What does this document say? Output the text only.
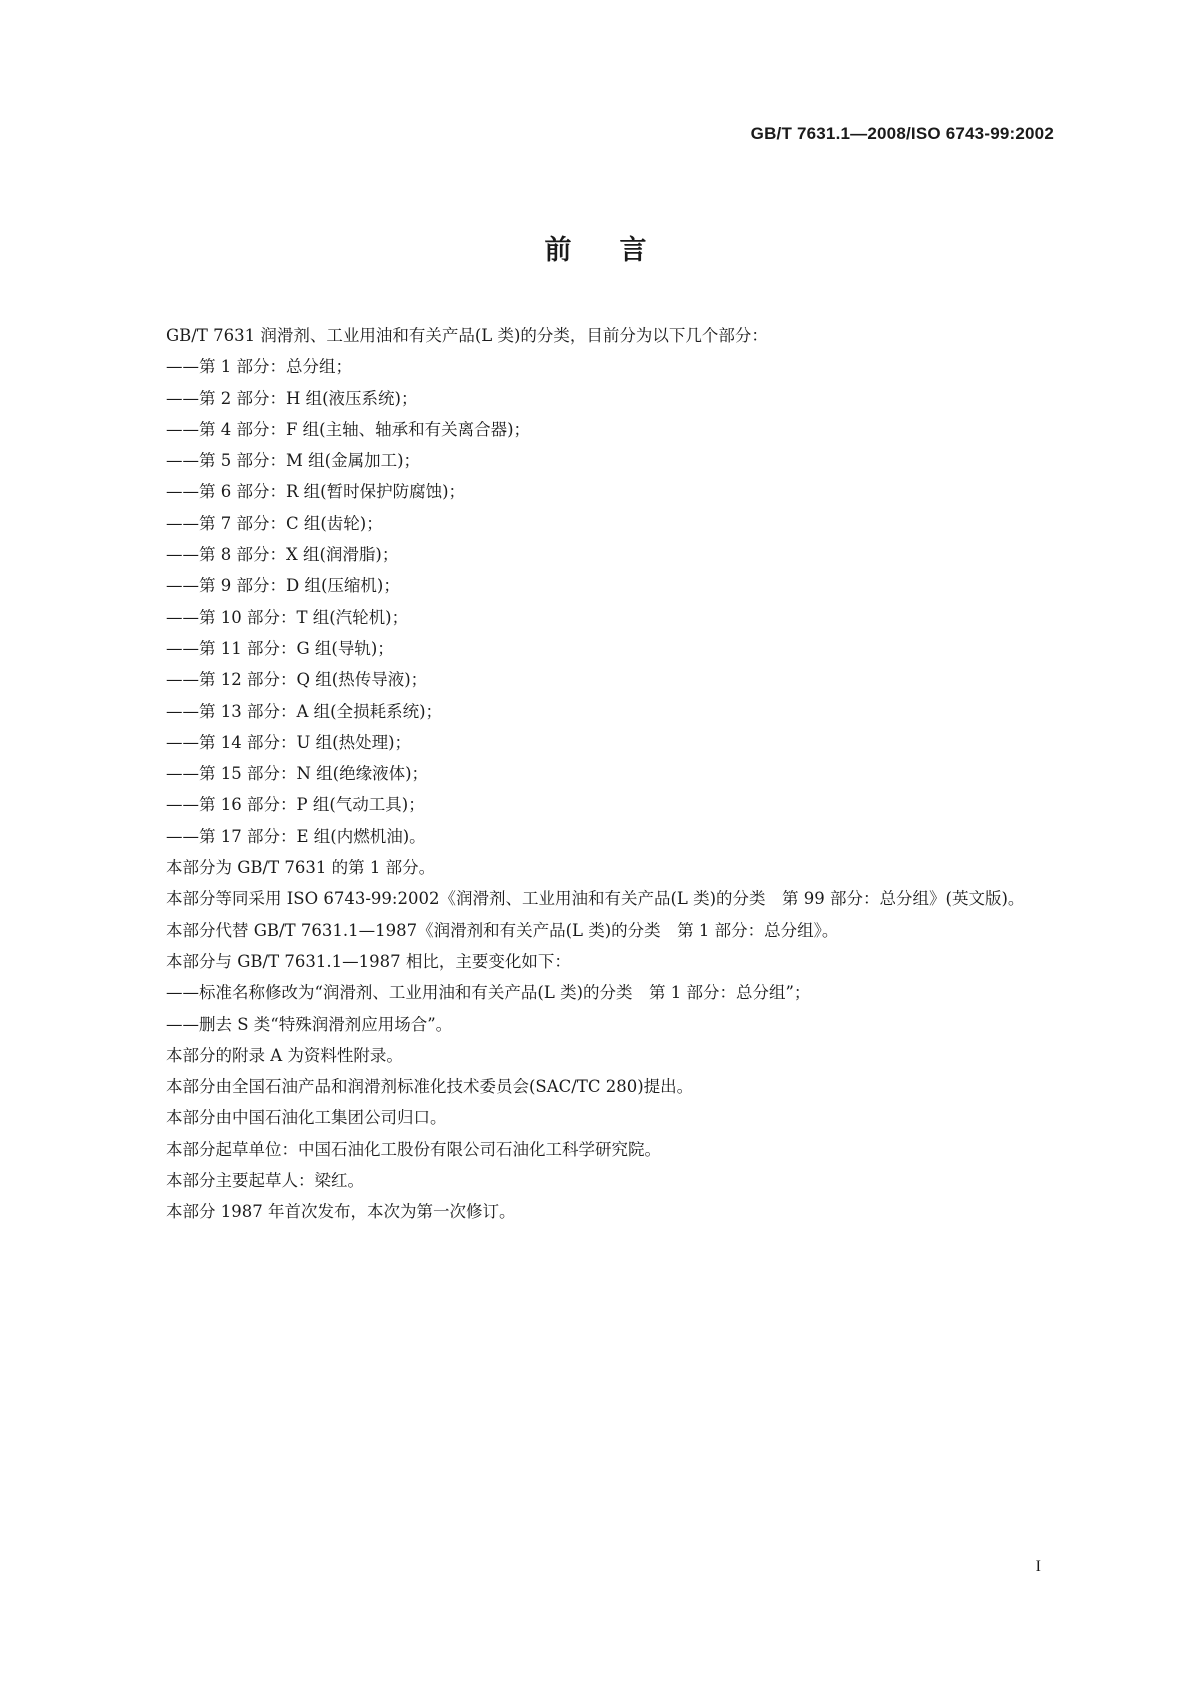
GB/T 7631.1—2008/ISO 6743-99:2002
前言

GB/T 7631 润滑剂、工业用油和有关产品(L 类)的分类，目前分为以下几个部分：

——第 1 部分：总分组；

——第 2 部分：H 组(液压系统)；

——第 4 部分：F 组(主轴、轴承和有关离合器)；

——第 5 部分：M 组(金属加工)；

——第 6 部分：R 组(暂时保护防腐蚀)；

——第 7 部分：C 组(齿轮)；

——第 8 部分：X 组(润滑脂)；

——第 9 部分：D 组(压缩机)；

——第 10 部分：T 组(汽轮机)；

——第 11 部分：G 组(导轨)；

——第 12 部分：Q 组(热传导液)；

——第 13 部分：A 组(全损耗系统)；

——第 14 部分：U 组(热处理)；

——第 15 部分：N 组(绝缘液体)；

——第 16 部分：P 组(气动工具)；

——第 17 部分：E 组(内燃机油)。

本部分为 GB/T 7631 的第 1 部分。

本部分等同采用 ISO 6743-99:2002《润滑剂、工业用油和有关产品(L 类)的分类　第 99 部分：总分组》(英文版)。

本部分代替 GB/T 7631.1—1987《润滑剂和有关产品(L 类)的分类　第 1 部分：总分组》。

本部分与 GB/T 7631.1—1987 相比，主要变化如下：

——标准名称修改为“润滑剂、工业用油和有关产品(L 类)的分类　第 1 部分：总分组”；

——删去 S 类“特殊润滑剂应用场合”。

本部分的附录 A 为资料性附录。

本部分由全国石油产品和润滑剂标准化技术委员会(SAC/TC 280)提出。

本部分由中国石油化工集团公司归口。

本部分起草单位：中国石油化工股份有限公司石油化工科学研究院。

本部分主要起草人：梁红。

本部分 1987 年首次发布，本次为第一次修订。

I
